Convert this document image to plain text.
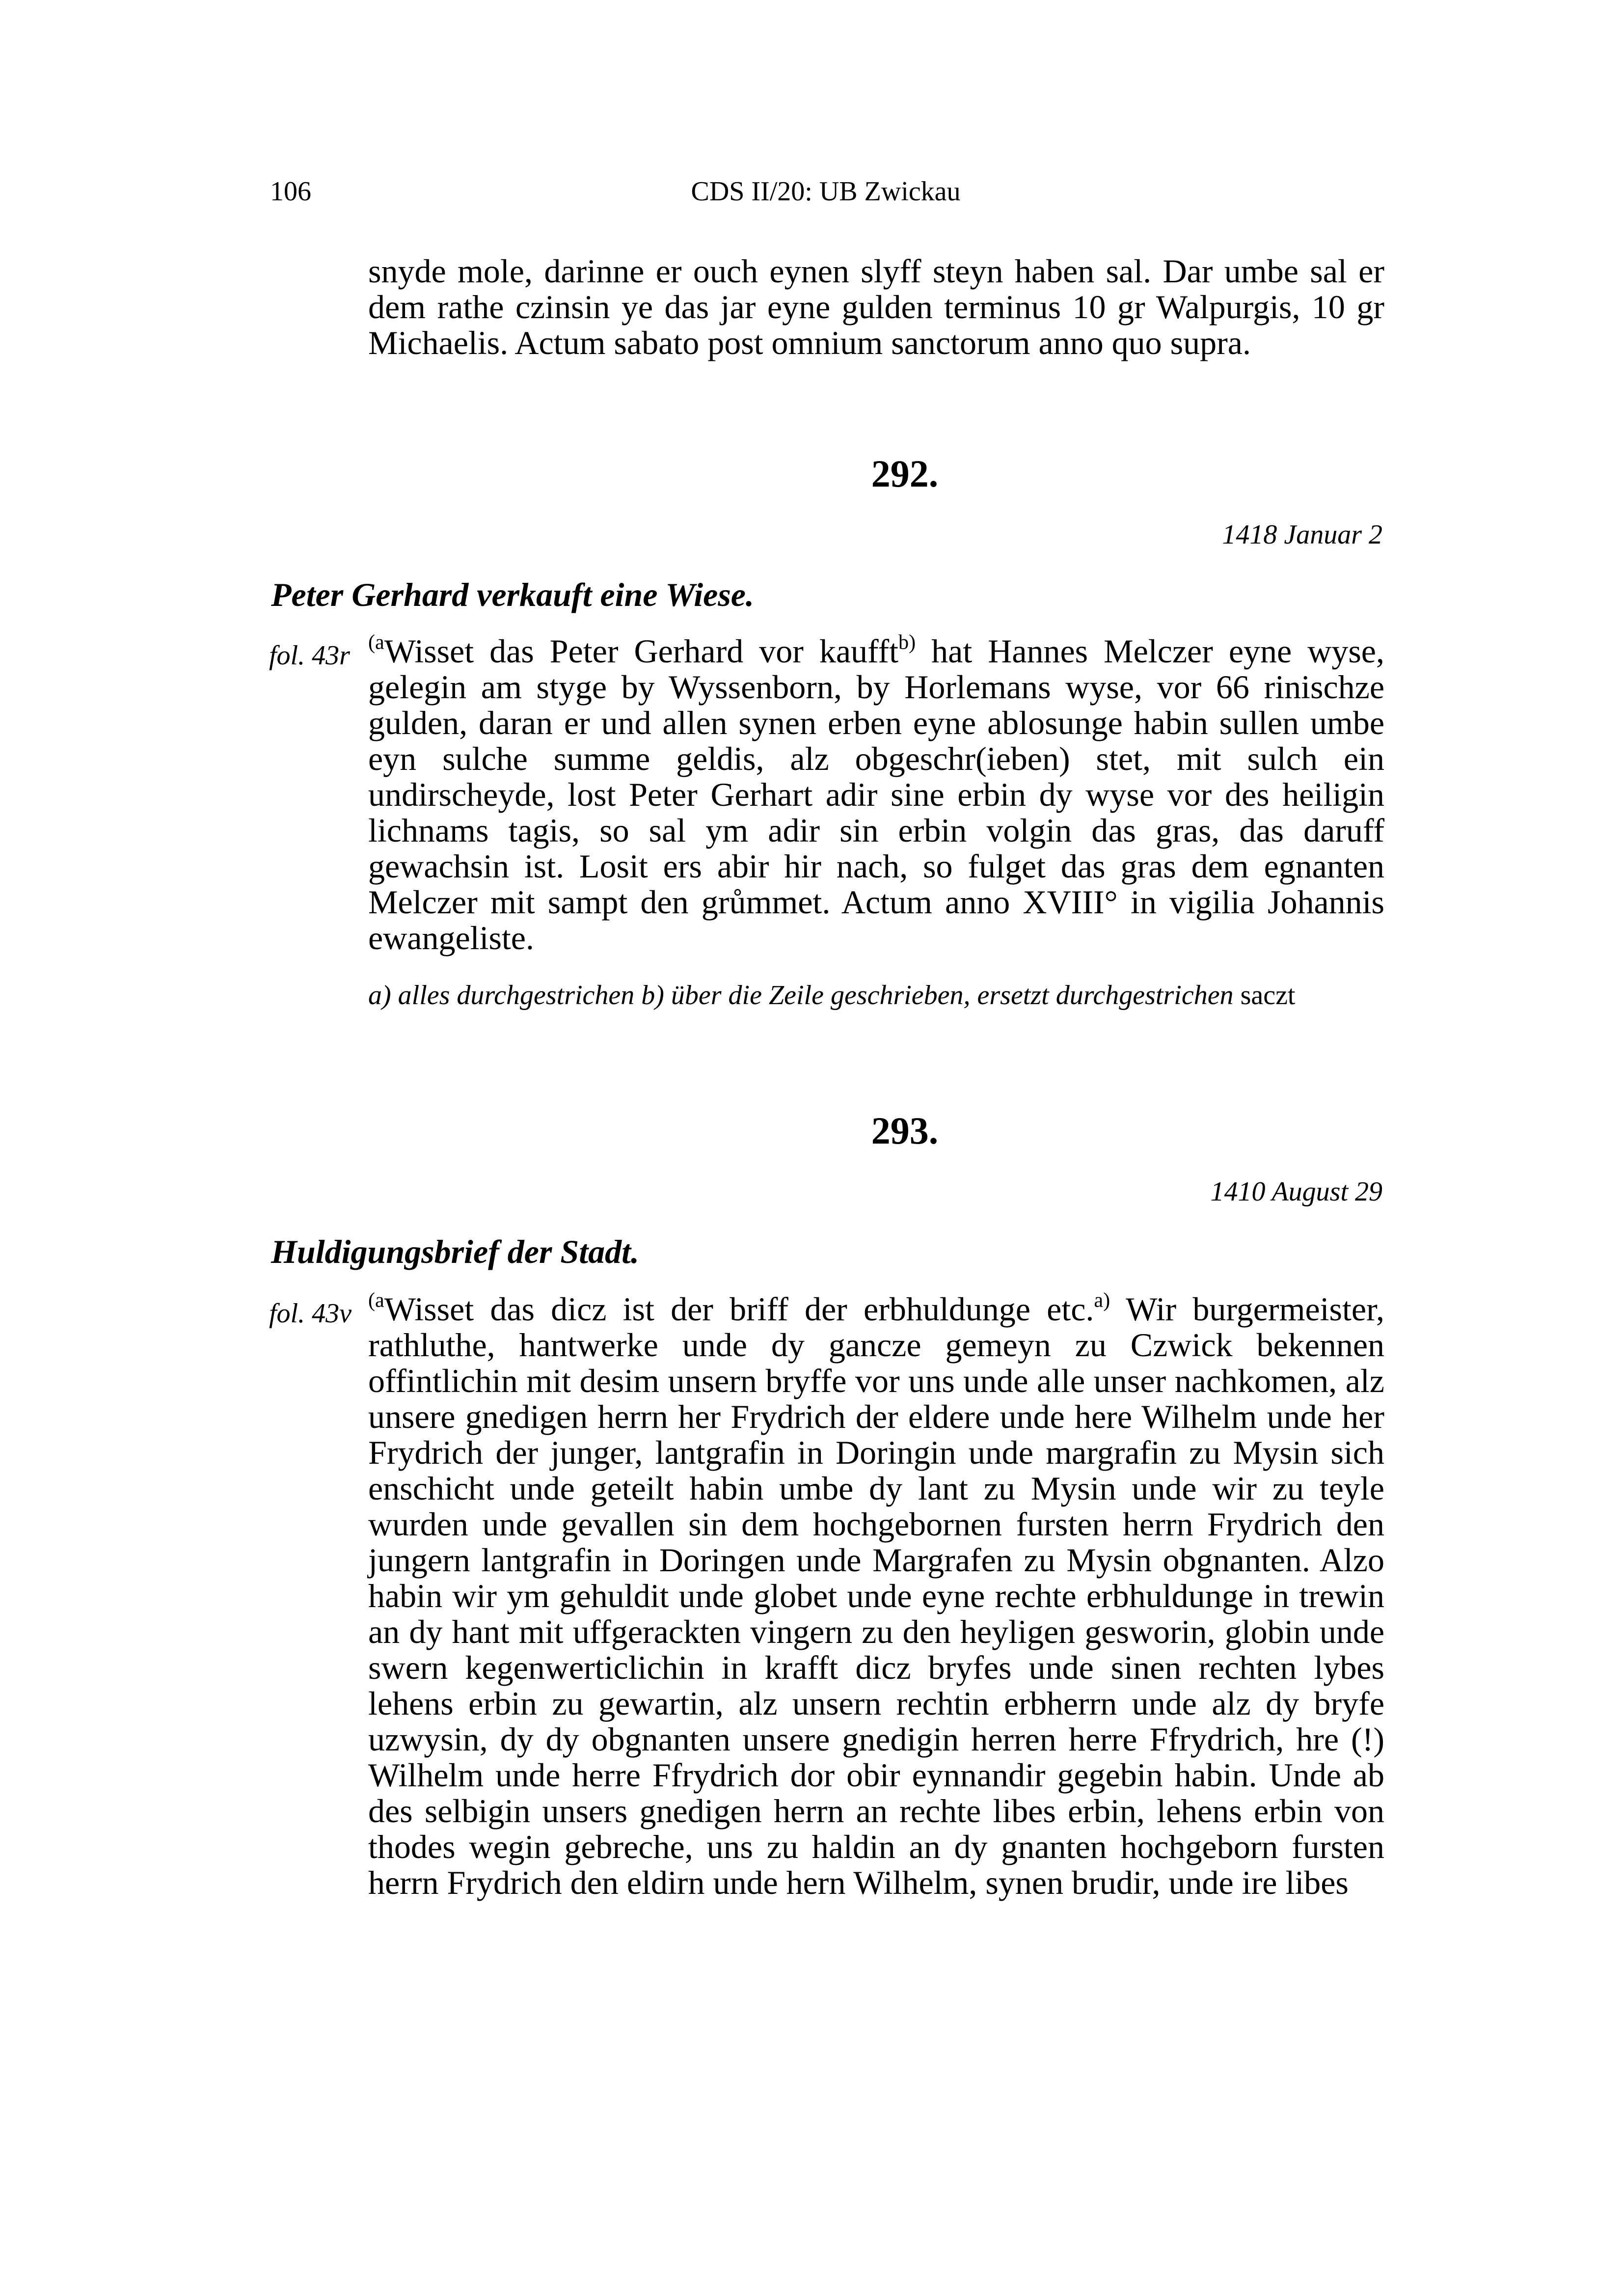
106	CDS II/20: UB Zwickau

snyde mole, darinne er ouch eynen slyff steyn haben sal. Dar umbe sal er dem rathe czinsin ye das jar eyne gulden terminus 10 gr Walpurgis, 10 gr Michaelis. Actum sabato post omnium sanctorum anno quo supra.

292.
1418 Januar 2
Peter Gerhard verkauft eine Wiese.
fol. 43r $^{(a}$Wisset das Peter Gerhard vor kaufft$^{b)}$ hat Hannes Melczer eyne wyse, gelegin am styge by Wyssenborn, by Horlemans wyse, vor 66 rinischze gulden, daran er und allen synen erben eyne ablosunge habin sullen umbe eyn sulche summe geldis, alz obgeschr(ieben) stet, mit sulch ein undirscheyde, lost Peter Gerhart adir sine erbin dy wyse vor des heiligin lichnams tagis, so sal ym adir sin erbin volgin das gras, das daruff gewachsin ist. Losit ers abir hir nach, so fulget das gras dem egnanten Melczer mit sampt den grůmmet. Actum anno XVIII° in vigilia Johannis ewangeliste.

a) alles durchgestrichen b) über die Zeile geschrieben, ersetzt durchgestrichen saczt
293.
1410 August 29
Huldigungsbrief der Stadt.
fol. 43v $^{(a}$Wisset das dicz ist der briff der erbhuldunge etc.$^{a)}$ Wir burgermeister, rathluthe, hantwerke unde dy gancze gemeyn zu Czwick bekennen offintlichin mit desim unsern bryffe vor uns unde alle unser nachkomen, alz unsere gnedigen herrn her Frydrich der eldere unde here Wilhelm unde her Frydrich der junger, lantgrafin in Doringin unde margrafin zu Mysin sich enschicht unde geteilt habin umbe dy lant zu Mysin unde wir zu teyle wurden unde gevallen sin dem hochgebornen fursten herrn Frydrich den jungern lantgrafin in Doringen unde Margrafen zu Mysin obgnanten. Alzo habin wir ym gehuldit unde globet unde eyne rechte erbhuldunge in trewin an dy hant mit uffgerackten vingern zu den heyligen gesworin, globin unde swern kegenwerticlichin in krafft dicz bryfes unde sinen rechten lybes lehens erbin zu gewartin, alz unsern rechtin erbherrn unde alz dy bryfe uzwysin, dy dy obgnanten unsere gnedigin herren herre Ffrydrich, hre (!) Wilhelm unde herre Ffrydrich dor obir eynnandir gegebin habin. Unde ab des selbigin unsers gnedigen herrn an rechte libes erbin, lehens erbin von thodes wegin gebreche, uns zu haldin an dy gnanten hochgeborn fursten herrn Frydrich den eldirn unde hern Wilhelm, synen brudir, unde ire libes
